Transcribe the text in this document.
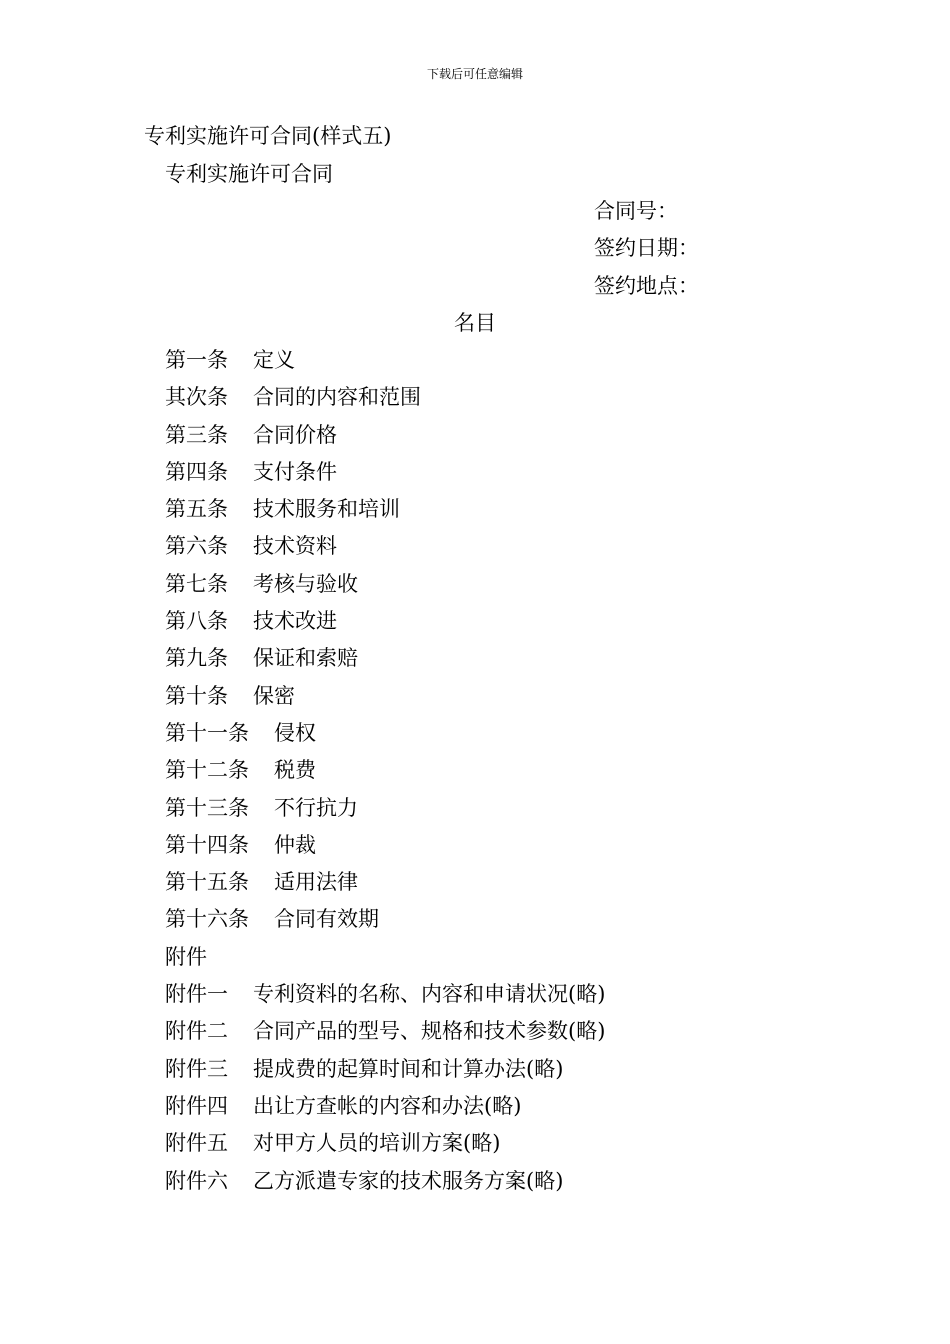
下载后可任意编辑
专利实施许可合同(样式五)
专利实施许可合同
合同号：
签约日期：
签约地点：
名目
第一条 定义
其次条 合同的内容和范围
第三条 合同价格
第四条 支付条件
第五条 技术服务和培训
第六条 技术资料
第七条 考核与验收
第八条 技术改进
第九条 保证和索赔
第十条 保密
第十一条 侵权
第十二条 税费
第十三条 不行抗力
第十四条 仲裁
第十五条 适用法律
第十六条 合同有效期
附件
附件一 专利资料的名称、内容和申请状况(略)
附件二 合同产品的型号、规格和技术参数(略)
附件三 提成费的起算时间和计算办法(略)
附件四 出让方查帐的内容和办法(略)
附件五 对甲方人员的培训方案(略)
附件六 乙方派遣专家的技术服务方案(略)
